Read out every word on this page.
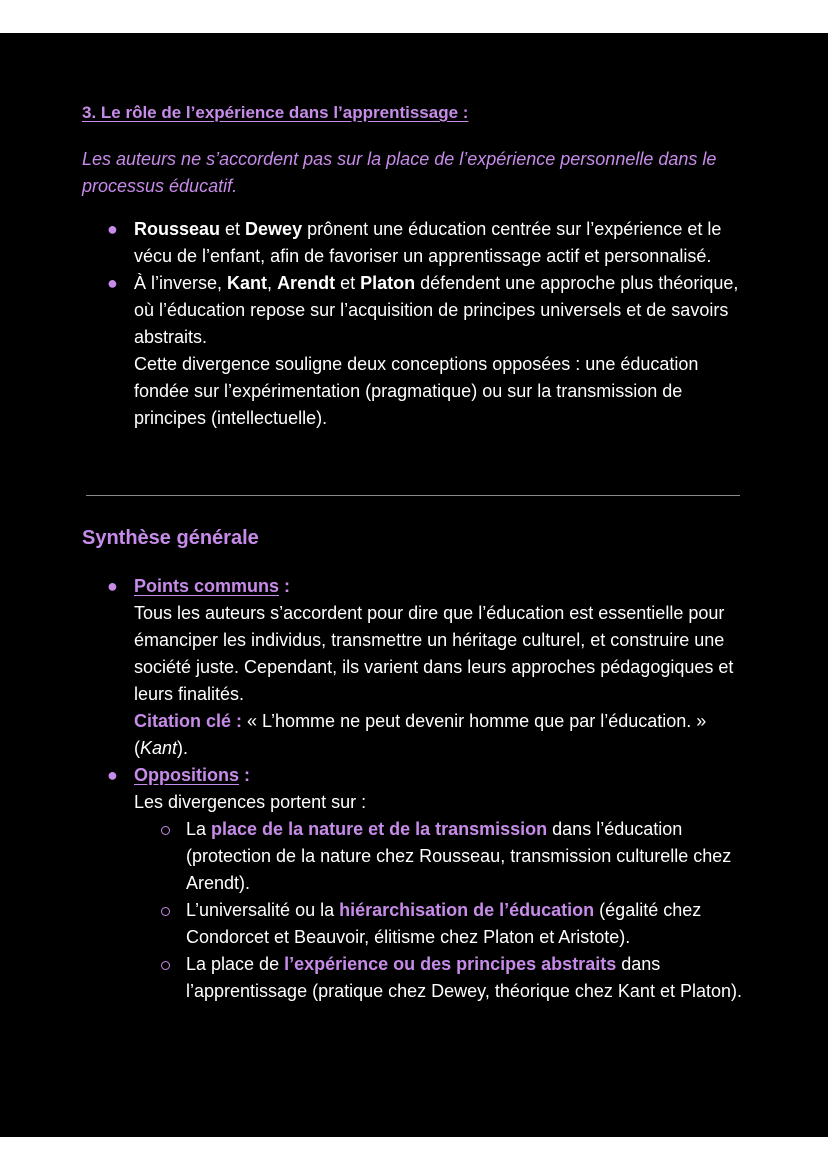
3. Le rôle de l’expérience dans l’apprentissage :
Les auteurs ne s’accordent pas sur la place de l’expérience personnelle dans le processus éducatif.
● Rousseau et Dewey prônent une éducation centrée sur l’expérience et le vécu de l’enfant, afin de favoriser un apprentissage actif et personnalisé.
● À l’inverse, Kant, Arendt et Platon défendent une approche plus théorique, où l’éducation repose sur l’acquisition de principes universels et de savoirs abstraits.
Cette divergence souligne deux conceptions opposées : une éducation fondée sur l’expérimentation (pragmatique) ou sur la transmission de principes (intellectuelle).
Synthèse générale
● Points communs :
Tous les auteurs s’accordent pour dire que l’éducation est essentielle pour émanciper les individus, transmettre un héritage culturel, et construire une société juste. Cependant, ils varient dans leurs approches pédagogiques et leurs finalités.
Citation clé : « L’homme ne peut devenir homme que par l’éducation. » (Kant).
● Oppositions :
Les divergences portent sur :
La place de la nature et de la transmission dans l’éducation (protection de la nature chez Rousseau, transmission culturelle chez Arendt).
L’universalité ou la hiérarchisation de l’éducation (égalité chez Condorcet et Beauvoir, élitisme chez Platon et Aristote).
La place de l’expérience ou des principes abstraits dans l’apprentissage (pratique chez Dewey, théorique chez Kant et Platon).
